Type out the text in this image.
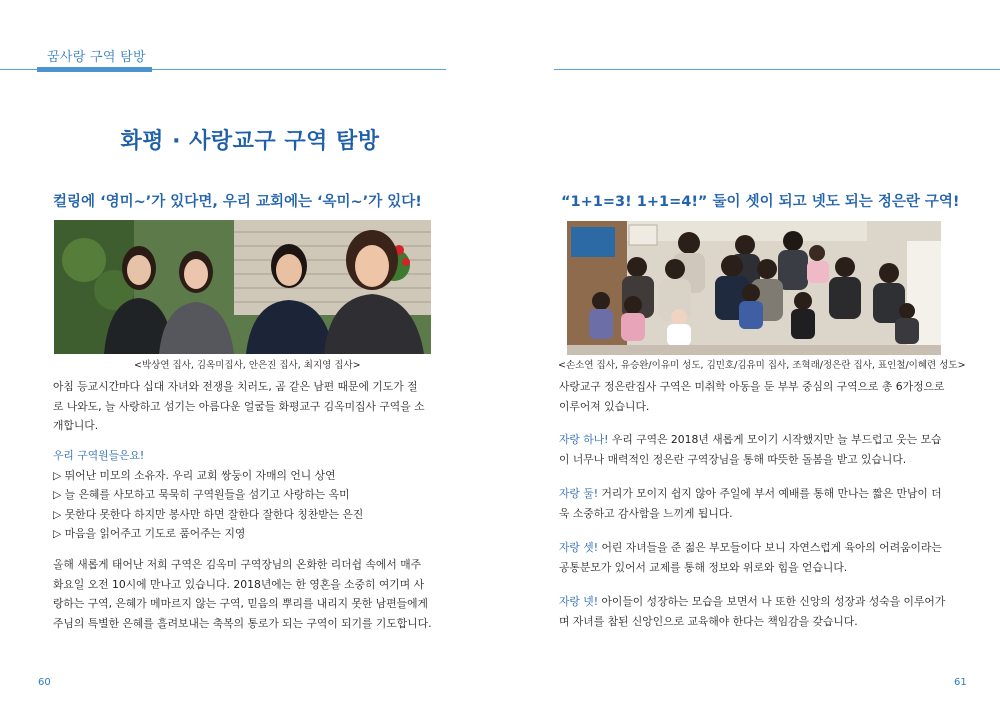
꿈사랑 구역 탐방
화평 · 사랑교구 구역 탐방
컬링에 ‘영미~’가 있다면, 우리 교회에는 ‘옥미~’가 있다!	“1+1=3! 1+1=4!” 둘이 셋이 되고 넷도 되는 정은란 구역!
<박상연 집사, 김옥미집사, 안은진 집사, 최지영 집사>	<손소연 집사, 유승완/이유미 성도, 김민호/김유미 집사, 조혁래/정은란 집사, 표인철/이혜련 성도>
아침 등교시간마다 십대 자녀와 전쟁을 치러도, 곰 같은 남편 때문에 기도가 절
로 나와도, 늘 사랑하고 섬기는 아름다운 얼굴들 화평교구 김옥미집사 구역을 소
개합니다.
우리 구역원들은요!
▷ 뛰어난 미모의 소유자. 우리 교회 쌍둥이 자매의 언니 상연
▷ 늘 은혜를 사모하고 묵묵히 구역원들을 섬기고 사랑하는 옥미
▷ 못한다 못한다 하지만 봉사만 하면 잘한다 잘한다 칭찬받는 은진
▷ 마음을 읽어주고 기도로 품어주는 지영
올해 새롭게 태어난 저희 구역은 김옥미 구역장님의 온화한 리더쉽 속에서 매주
화요일 오전 10시에 만나고 있습니다. 2018년에는 한 영혼을 소중히 여기며 사
랑하는 구역, 은혜가 메마르지 않는 구역, 믿음의 뿌리를 내리지 못한 남편들에게
주님의 특별한 은혜를 흘려보내는 축복의 통로가 되는 구역이 되기를 기도합니다.
사랑교구 정은란집사 구역은 미취학 아동을 둔 부부 중심의 구역으로 총 6가정으로
이루어져 있습니다.
자랑 하나! 우리 구역은 2018년 새롭게 모이기 시작했지만 늘 부드럽고 웃는 모습
이 너무나 매력적인 정은란 구역장님을 통해 따뜻한 돌봄을 받고 있습니다.
자랑 둘! 거리가 모이지 쉽지 않아 주일에 부서 예배를 통해 만나는 짧은 만남이 더
욱 소중하고 감사함을 느끼게 됩니다.
자랑 셋! 어린 자녀들을 준 젊은 부모들이다 보니 자연스럽게 육아의 어려움이라는
공통분모가 있어서 교제를 통해 정보와 위로와 힘을 얻습니다.
자랑 넷! 아이들이 성장하는 모습을 보면서 나 또한 신앙의 성장과 성숙을 이루어가
며 자녀를 참된 신앙인으로 교육해야 한다는 책임감을 갖습니다.
60	61
